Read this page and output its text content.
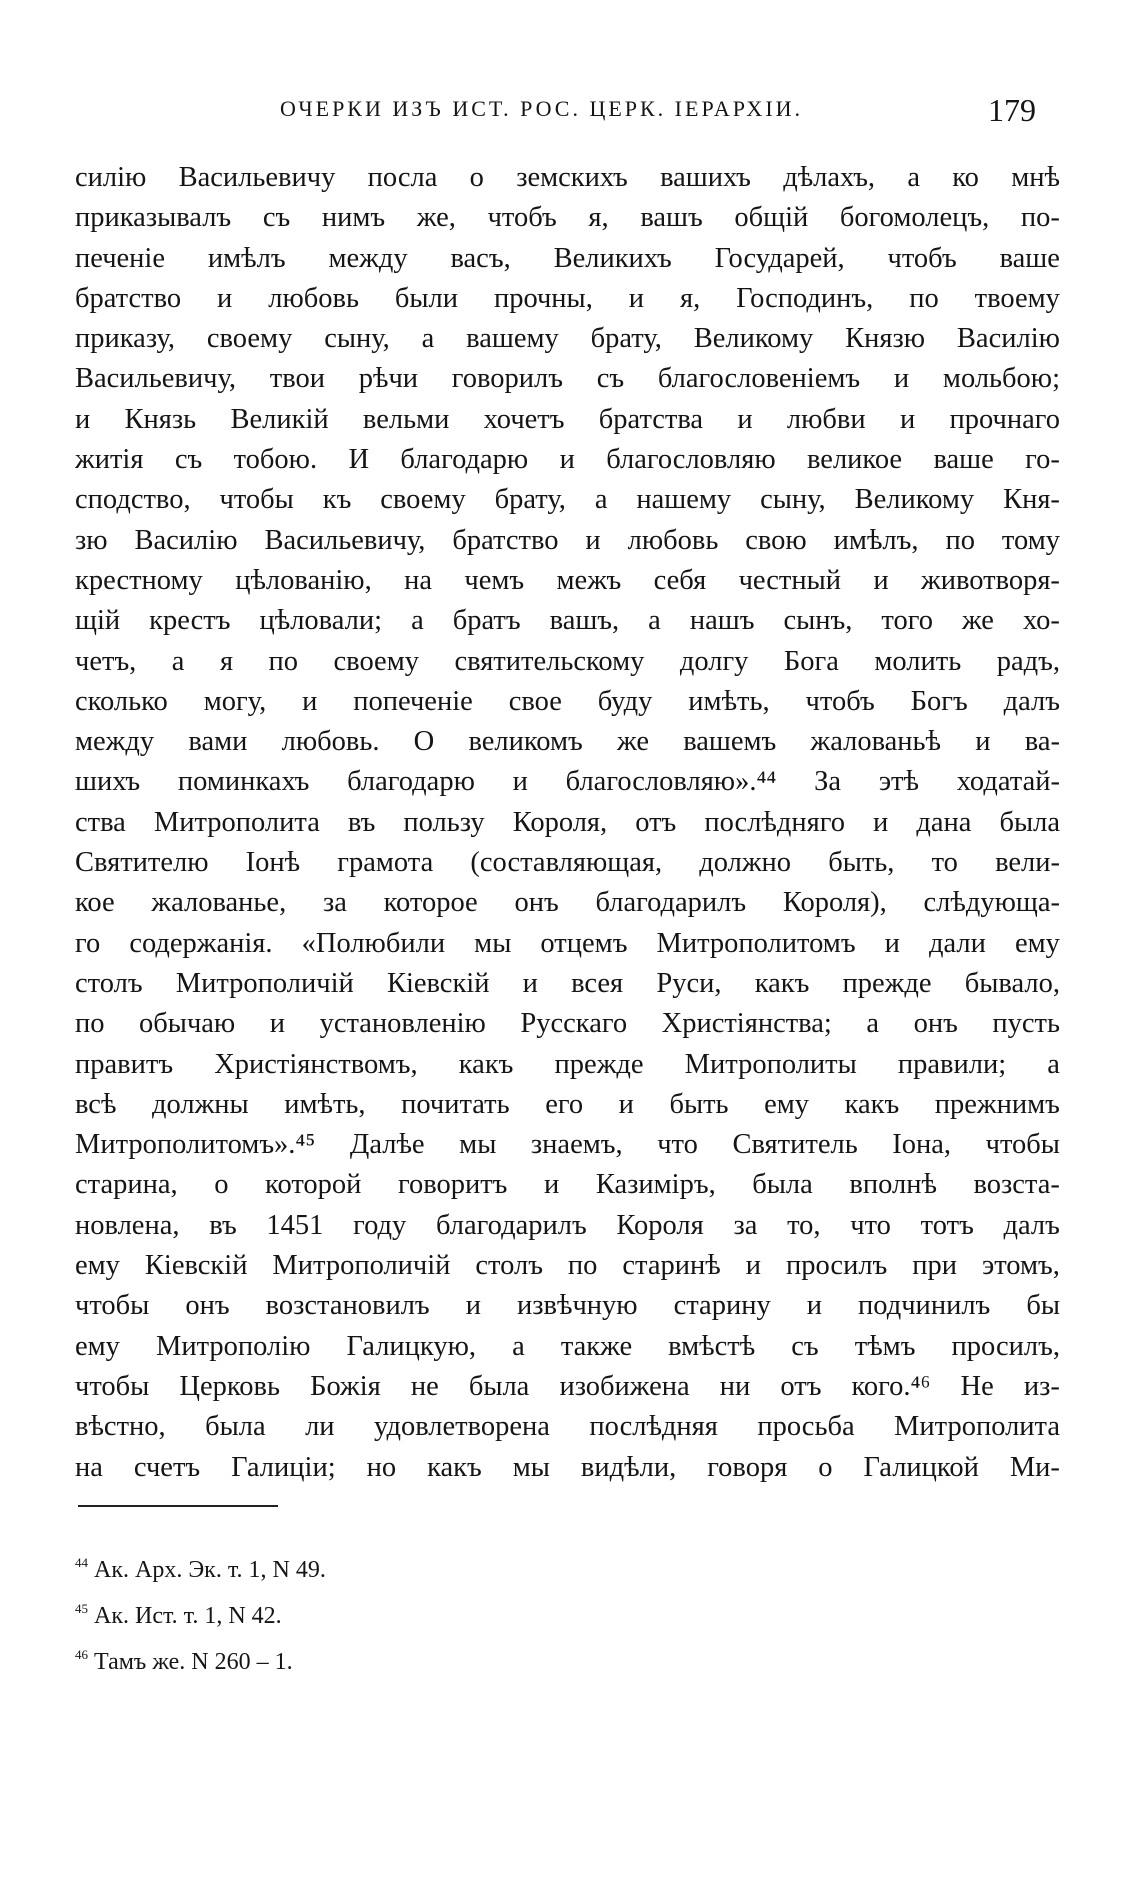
ОЧЕРКИ ИЗЪ ИСТ. РОС. ЦЕРК. ІЕРАРХІИ.	179
силію Васильевичу посла о земскихъ вашихъ дѣлахъ, а ко мнѣ
приказывалъ съ нимъ же, чтобъ я, вашъ общій богомолецъ, по-
печеніе имѣлъ между васъ, Великихъ Государей, чтобъ ваше
братство и любовь были прочны, и я, Господинъ, по твоему
приказу, своему сыну, а вашему брату, Великому Князю Василію
Васильевичу, твои рѣчи говорилъ съ благословеніемъ и мольбою;
и Князь Великій вельми хочетъ братства и любви и прочнаго
житія съ тобою. И благодарю и благословляю великое ваше го-
сподство, чтобы къ своему брату, а нашему сыну, Великому Кня-
зю Василію Васильевичу, братство и любовь свою имѣлъ, по тому
крестному цѣлованію, на чемъ межъ себя честный и животворя-
щій крестъ цѣловали; а братъ вашъ, а нашъ сынъ, того же хо-
четъ, а я по своему святительскому долгу Бога молить радъ,
сколько могу, и попеченіе свое буду имѣть, чтобъ Богъ далъ
между вами любовь. О великомъ же вашемъ жалованьѣ и ва-
шихъ поминкахъ благодарю и благословляю».⁴⁴ За этѣ ходатай-
ства Митрополита въ пользу Короля, отъ послѣдняго и дана была
Святителю Іонѣ грамота (составляющая, должно быть, то вели-
кое жалованье, за которое онъ благодарилъ Короля), слѣдующа-
го содержанія. «Полюбили мы отцемъ Митрополитомъ и дали ему
столъ Митрополичій Кіевскій и всея Руси, какъ прежде бывало,
по обычаю и установленію Русскаго Христіянства; а онъ пусть
правитъ Христіянствомъ, какъ прежде Митрополиты правили; а
всѣ должны имѣть, почитать его и быть ему какъ прежнимъ
Митрополитомъ».⁴⁵ Далѣе мы знаемъ, что Святитель Іона, чтобы
старина, о которой говоритъ и Казиміръ, была вполнѣ возста-
новлена, въ 1451 году благодарилъ Короля за то, что тотъ далъ
ему Кіевскій Митрополичій столъ по старинѣ и просилъ при этомъ,
чтобы онъ возстановилъ и извѣчную старину и подчинилъ бы
ему Митрополію Галицкую, а также вмѣстѣ съ тѣмъ просилъ,
чтобы Церковь Божія не была изобижена ни отъ кого.⁴⁶ Не из-
вѣстно, была ли удовлетворена послѣдняя просьба Митрополита
на счетъ Галиціи; но какъ мы видѣли, говоря о Галицкой Ми-
$^{44}$ Ак. Арх. Эк. т. 1, N 49.
$^{45}$ Ак. Ист. т. 1, N 42.
$^{46}$ Тамъ же. N 260 – 1.
